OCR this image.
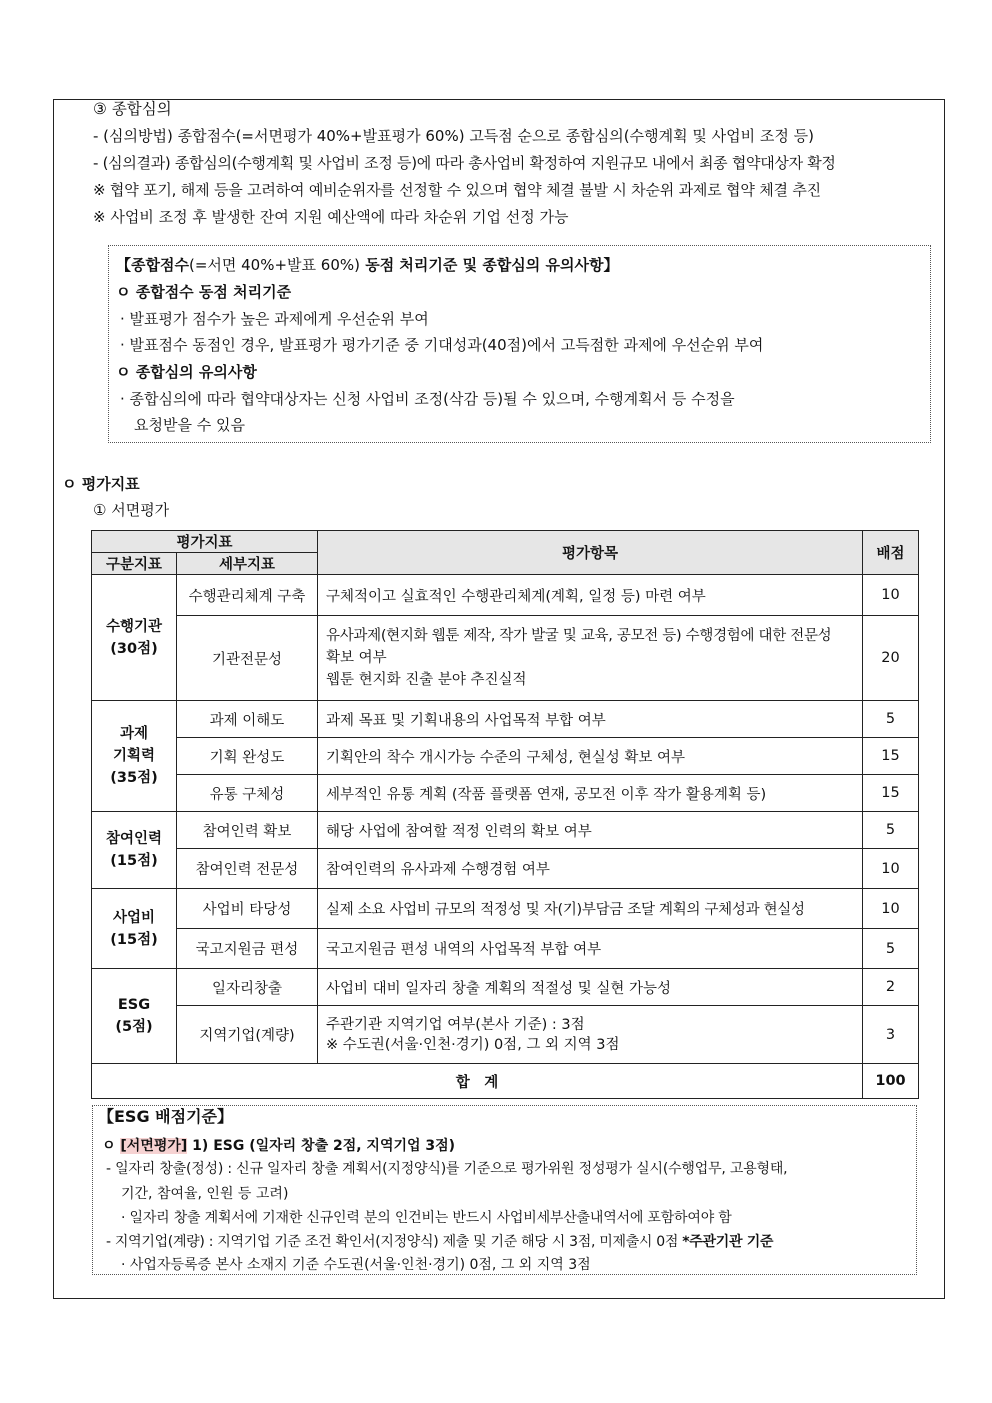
③ 종합심의
- (심의방법) 종합점수(=서면평가 40%+발표평가 60%) 고득점 순으로 종합심의(수행계획 및 사업비 조정 등)
- (심의결과) 종합심의(수행계획 및 사업비 조정 등)에 따라 총사업비 확정하여 지원규모 내에서 최종 협약대상자 확정
※ 협약 포기, 해제 등을 고려하여 예비순위자를 선정할 수 있으며 협약 체결 불발 시 차순위 과제로 협약 체결 추진
※ 사업비 조정 후 발생한 잔여 지원 예산액에 따라 차순위 기업 선정 가능
【종합점수(=서면 40%+발표 60%) 동점 처리기준 및 종합심의 유의사항】
ㅇ 종합점수 동점 처리기준
· 발표평가 점수가 높은 과제에게 우선순위 부여
· 발표점수 동점인 경우, 발표평가 평가기준 중 기대성과(40점)에서 고득점한 과제에 우선순위 부여
ㅇ 종합심의 유의사항
· 종합심의에 따라 협약대상자는 신청 사업비 조정(삭감 등)될 수 있으며, 수행계획서 등 수정을
요청받을 수 있음
ㅇ 평가지표
① 서면평가
평가지표		평가항목	배점
구분지표	세부지표		

수행기관
(30점)	수행관리체계 구축	구체적이고 실효적인 수행관리체계(계획, 일정 등) 마련 여부	10
	기관전문성	유사과제(현지화 웹툰 제작, 작가 발굴 및 교육, 공모전 등) 수행경험에 대한 전문성
확보 여부
웹툰 현지화 진출 분야 추진실적	20

과제
기획력
(35점)	과제 이해도	과제 목표 및 기획내용의 사업목적 부합 여부	5
	기획 완성도	기획안의 착수 개시가능 수준의 구체성, 현실성 확보 여부	15
	유통 구체성	세부적인 유통 계획 (작품 플랫폼 연재, 공모전 이후 작가 활용계획 등)	15

참여인력
(15점)	참여인력 확보	해당 사업에 참여할 적정 인력의 확보 여부	5
	참여인력 전문성	참여인력의 유사과제 수행경험 여부	10

사업비
(15점)	사업비 타당성	실제 소요 사업비 규모의 적정성 및 자(기)부담금 조달 계획의 구체성과 현실성	10
	국고지원금 편성	국고지원금 편성 내역의 사업목적 부합 여부	5

ESG
(5점)	일자리창출	사업비 대비 일자리 창출 계획의 적절성 및 실현 가능성	2
	지역기업(계량)	주관기관 지역기업 여부(본사 기준) : 3점
※ 수도권(서울·인천·경기) 0점, 그 외 지역 3점	3
합　계			100
【ESG 배점기준】
ㅇ [서면평가] 1) ESG (일자리 창출 2점, 지역기업 3점)
- 일자리 창출(정성) : 신규 일자리 창출 계획서(지정양식)를 기준으로 평가위원 정성평가 실시(수행업무, 고용형태,
기간, 참여율, 인원 등 고려)
· 일자리 창출 계획서에 기재한 신규인력 분의 인건비는 반드시 사업비세부산출내역서에 포함하여야 함
- 지역기업(계량) : 지역기업 기준 조건 확인서(지정양식) 제출 및 기준 해당 시 3점, 미제출시 0점 *주관기관 기준
· 사업자등록증 본사 소재지 기준 수도권(서울·인천·경기) 0점, 그 외 지역 3점
